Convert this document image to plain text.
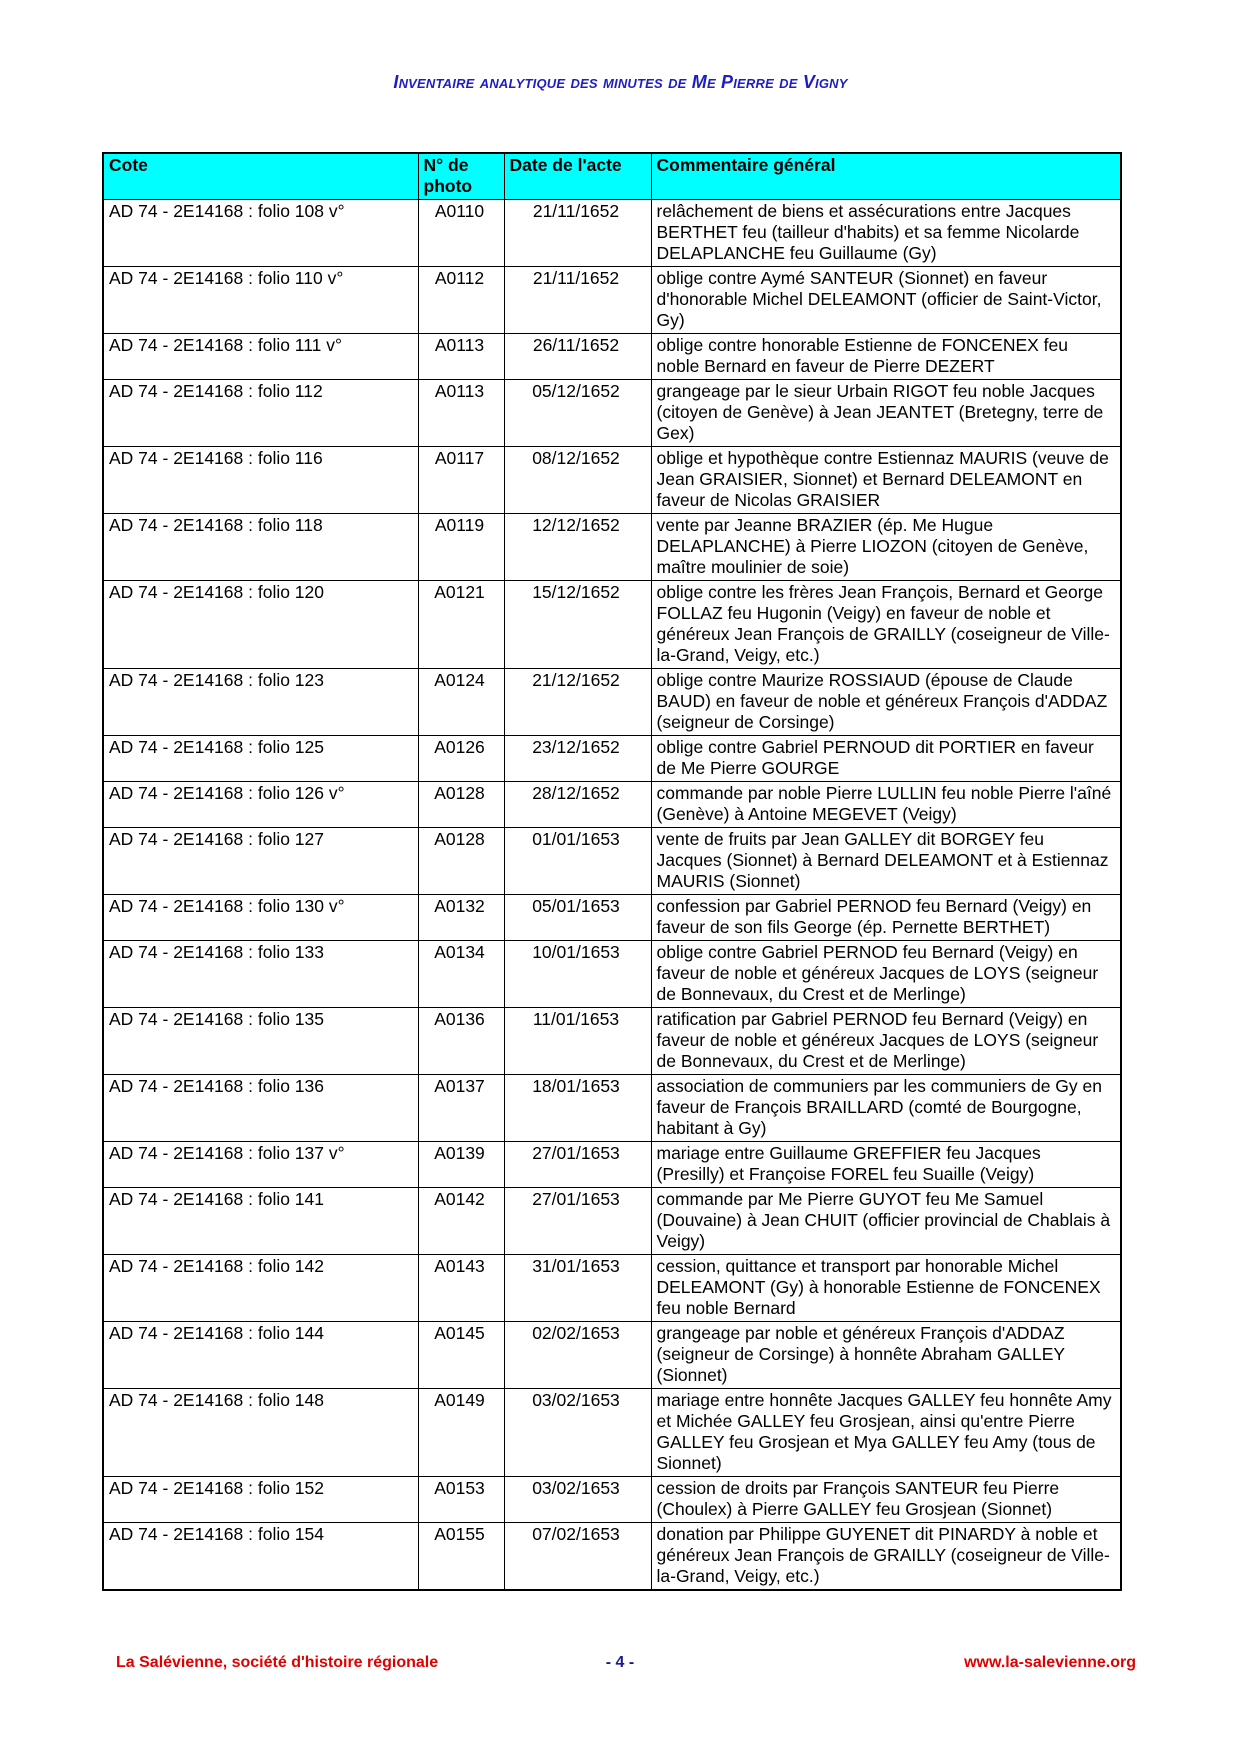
Inventaire analytique des minutes de Me Pierre de Vigny
Cote	N° de photo	Date de l'acte	Commentaire général
AD 74 - 2E14168 : folio 108 v°	A0110	21/11/1652	relâchement de biens et assécurations entre Jacques BERTHET feu (tailleur d'habits) et sa femme Nicolarde DELAPLANCHE feu Guillaume (Gy)
AD 74 - 2E14168 : folio 110 v°	A0112	21/11/1652	oblige contre Aymé SANTEUR (Sionnet) en faveur d'honorable Michel DELEAMONT (officier de Saint-Victor, Gy)
AD 74 - 2E14168 : folio 111 v°	A0113	26/11/1652	oblige contre honorable Estienne de FONCENEX feu noble Bernard en faveur de Pierre DEZERT
AD 74 - 2E14168 : folio 112	A0113	05/12/1652	grangeage par le sieur Urbain RIGOT feu noble Jacques (citoyen de Genève) à Jean JEANTET (Bretegny, terre de Gex)
AD 74 - 2E14168 : folio 116	A0117	08/12/1652	oblige et hypothèque contre Estiennaz MAURIS (veuve de Jean GRAISIER, Sionnet) et Bernard DELEAMONT en faveur de Nicolas GRAISIER
AD 74 - 2E14168 : folio 118	A0119	12/12/1652	vente par Jeanne BRAZIER (ép. Me Hugue DELAPLANCHE) à Pierre LIOZON (citoyen de Genève, maître moulinier de soie)
AD 74 - 2E14168 : folio 120	A0121	15/12/1652	oblige contre les frères Jean François, Bernard et George FOLLAZ feu Hugonin (Veigy) en faveur de noble et généreux Jean François de GRAILLY (coseigneur de Ville-la-Grand, Veigy, etc.)
AD 74 - 2E14168 : folio 123	A0124	21/12/1652	oblige contre Maurize ROSSIAUD (épouse de Claude BAUD) en faveur de noble et généreux François d'ADDAZ (seigneur de Corsinge)
AD 74 - 2E14168 : folio 125	A0126	23/12/1652	oblige contre Gabriel PERNOUD dit PORTIER en faveur de Me Pierre GOURGE
AD 74 - 2E14168 : folio 126 v°	A0128	28/12/1652	commande par noble Pierre LULLIN feu noble Pierre l'aîné (Genève) à Antoine MEGEVET (Veigy)
AD 74 - 2E14168 : folio 127	A0128	01/01/1653	vente de fruits par Jean GALLEY dit BORGEY feu Jacques (Sionnet) à Bernard DELEAMONT et à Estiennaz MAURIS (Sionnet)
AD 74 - 2E14168 : folio 130 v°	A0132	05/01/1653	confession par Gabriel PERNOD feu Bernard (Veigy) en faveur de son fils George (ép. Pernette BERTHET)
AD 74 - 2E14168 : folio 133	A0134	10/01/1653	oblige contre Gabriel PERNOD feu Bernard (Veigy) en faveur de noble et généreux Jacques de LOYS (seigneur de Bonnevaux, du Crest et de Merlinge)
AD 74 - 2E14168 : folio 135	A0136	11/01/1653	ratification par Gabriel PERNOD feu Bernard (Veigy) en faveur de noble et généreux Jacques de LOYS (seigneur de Bonnevaux, du Crest et de Merlinge)
AD 74 - 2E14168 : folio 136	A0137	18/01/1653	association de communiers par les communiers de Gy en faveur de François BRAILLARD (comté de Bourgogne, habitant à Gy)
AD 74 - 2E14168 : folio 137 v°	A0139	27/01/1653	mariage entre Guillaume GREFFIER feu Jacques (Presilly) et Françoise FOREL feu Suaille (Veigy)
AD 74 - 2E14168 : folio 141	A0142	27/01/1653	commande par Me Pierre GUYOT feu Me Samuel (Douvaine) à Jean CHUIT (officier provincial de Chablais à Veigy)
AD 74 - 2E14168 : folio 142	A0143	31/01/1653	cession, quittance et transport par honorable Michel DELEAMONT (Gy) à honorable Estienne de FONCENEX feu noble Bernard
AD 74 - 2E14168 : folio 144	A0145	02/02/1653	grangeage par noble et généreux François d'ADDAZ (seigneur de Corsinge) à honnête Abraham GALLEY (Sionnet)
AD 74 - 2E14168 : folio 148	A0149	03/02/1653	mariage entre honnête Jacques GALLEY feu honnête Amy et Michée GALLEY feu Grosjean, ainsi qu'entre Pierre GALLEY feu Grosjean et Mya GALLEY feu Amy (tous de Sionnet)
AD 74 - 2E14168 : folio 152	A0153	03/02/1653	cession de droits par François SANTEUR feu Pierre (Choulex) à Pierre GALLEY feu Grosjean (Sionnet)
AD 74 - 2E14168 : folio 154	A0155	07/02/1653	donation par Philippe GUYENET dit PINARDY à noble et généreux Jean François de GRAILLY (coseigneur de Ville-la-Grand, Veigy, etc.)
La Salévienne, société d'histoire régionale	- 4 -	www.la-salevienne.org
